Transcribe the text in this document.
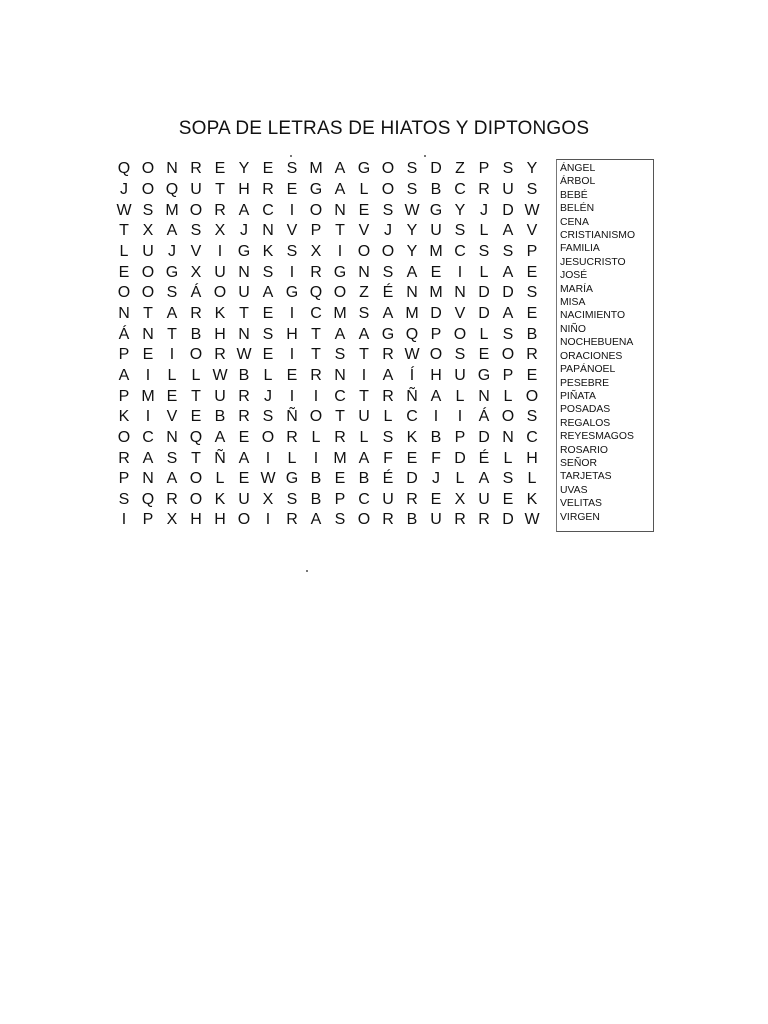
SOPA DE LETRAS DE HIATOS Y DIPTONGOS
Q O N R E Y E S M A G O S D Z P S Y
J O Q U T H R E G A L O S B C R U S
W S M O R A C I O N E S W G Y J D W
T X A S X J N V P T V J Y U S L A V
L U J V	I G K S X	I O O Y M C S S P
E O G X U N S	I	R G N S A E	I	L A E
O O S Á O U A G Q O Z É N M N D D S
N T A R K T E	I	C M S A M D V D A E
Á N T B H N S H T A A G Q P O L S B
P E	I O R W E	I	T S T R W O S E O R
A	I	L L W B L E R N I	A	Í	H U G P E
P M E T U R J	I	I	C T R Ñ A L N L O
K	I	V E B R S Ñ O T U L C I	I	Á O S
O C N Q A E O R L R L S K B P D N C
R A S T Ñ A	I	L	I M A F E F D É L H
P N A O L E W G B E B É D J L A S L
S Q R O K U X S B P C U R E X U E K
I	P X H H O I	R A S O R B U R R D W
ÁNGEL
ÁRBOL
BEBÉ
BELÉN
CENA
CRISTIANISMO
FAMILIA
JESUCRISTO
JOSÉ
MARÍA
MISA
NACIMIENTO
NIÑO
NOCHEBUENA
ORACIONES
PAPÁNOEL
PESEBRE
PIÑATA
POSADAS
REGALOS
REYESMAGOS
ROSARIO
SEÑOR
TARJETAS
UVAS
VELITAS
VIRGEN
